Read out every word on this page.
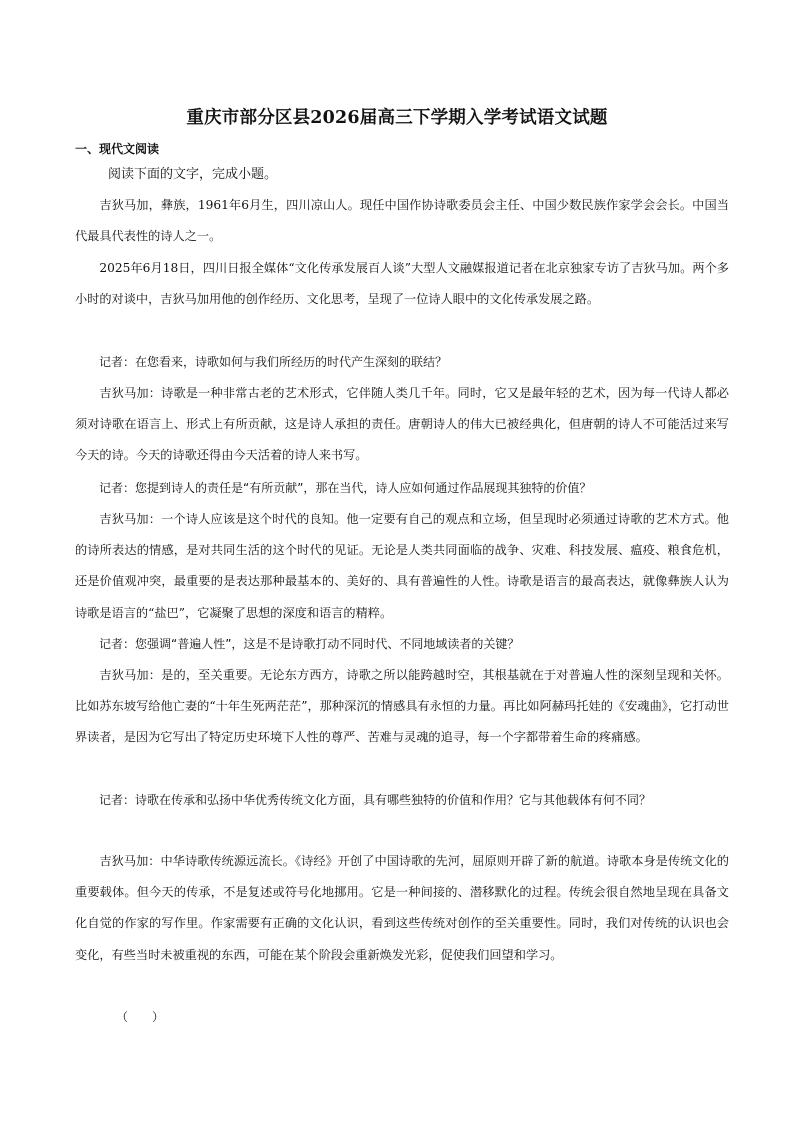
重庆市部分区县2026届高三下学期入学考试语文试题
一、现代文阅读
阅读下面的文字，完成小题。

吉狄马加，彝族，1961年6月生，四川凉山人。现任中国作协诗歌委员会主任、中国少数民族作家学会会长。中国当代最具代表性的诗人之一。

2025年6月18日，四川日报全媒体“文化传承发展百人谈”大型人文融媒报道记者在北京独家专访了吉狄马加。两个多小时的对谈中，吉狄马加用他的创作经历、文化思考，呈现了一位诗人眼中的文化传承发展之路。

记者：在您看来，诗歌如何与我们所经历的时代产生深刻的联结？

吉狄马加：诗歌是一种非常古老的艺术形式，它伴随人类几千年。同时，它又是最年轻的艺术，因为每一代诗人都必须对诗歌在语言上、形式上有所贡献，这是诗人承担的责任。唐朝诗人的伟大已被经典化，但唐朝的诗人不可能活过来写今天的诗。今天的诗歌还得由今天活着的诗人来书写。

记者：您提到诗人的责任是“有所贡献”，那在当代，诗人应如何通过作品展现其独特的价值？

吉狄马加：一个诗人应该是这个时代的良知。他一定要有自己的观点和立场，但呈现时必须通过诗歌的艺术方式。他的诗所表达的情感，是对共同生活的这个时代的见证。无论是人类共同面临的战争、灾难、科技发展、瘟疫、粮食危机，还是价值观冲突，最重要的是表达那种最基本的、美好的、具有普遍性的人性。诗歌是语言的最高表达，就像彝族人认为诗歌是语言的“盐巴”，它凝聚了思想的深度和语言的精粹。

记者：您强调“普遍人性”，这是不是诗歌打动不同时代、不同地域读者的关键？

吉狄马加：是的，至关重要。无论东方西方，诗歌之所以能跨越时空，其根基就在于对普遍人性的深刻呈现和关怀。比如苏东坡写给他亡妻的“十年生死两茫茫”，那种深沉的情感具有永恒的力量。再比如阿赫玛托娃的《安魂曲》，它打动世界读者，是因为它写出了特定历史环境下人性的尊严、苦难与灵魂的追寻，每一个字都带着生命的疼痛感。

记者：诗歌在传承和弘扬中华优秀传统文化方面，具有哪些独特的价值和作用？它与其他载体有何不同？

吉狄马加：中华诗歌传统源远流长。《诗经》开创了中国诗歌的先河，屈原则开辟了新的航道。诗歌本身是传统文化的重要载体。但今天的传承，不是复述或符号化地挪用。它是一种间接的、潜移默化的过程。传统会很自然地呈现在具备文化自觉的作家的写作里。作家需要有正确的文化认识，看到这些传统对创作的至关重要性。同时，我们对传统的认识也会变化，有些当时未被重视的东西，可能在某个阶段会重新焕发光彩，促使我们回望和学习。

（　　）
